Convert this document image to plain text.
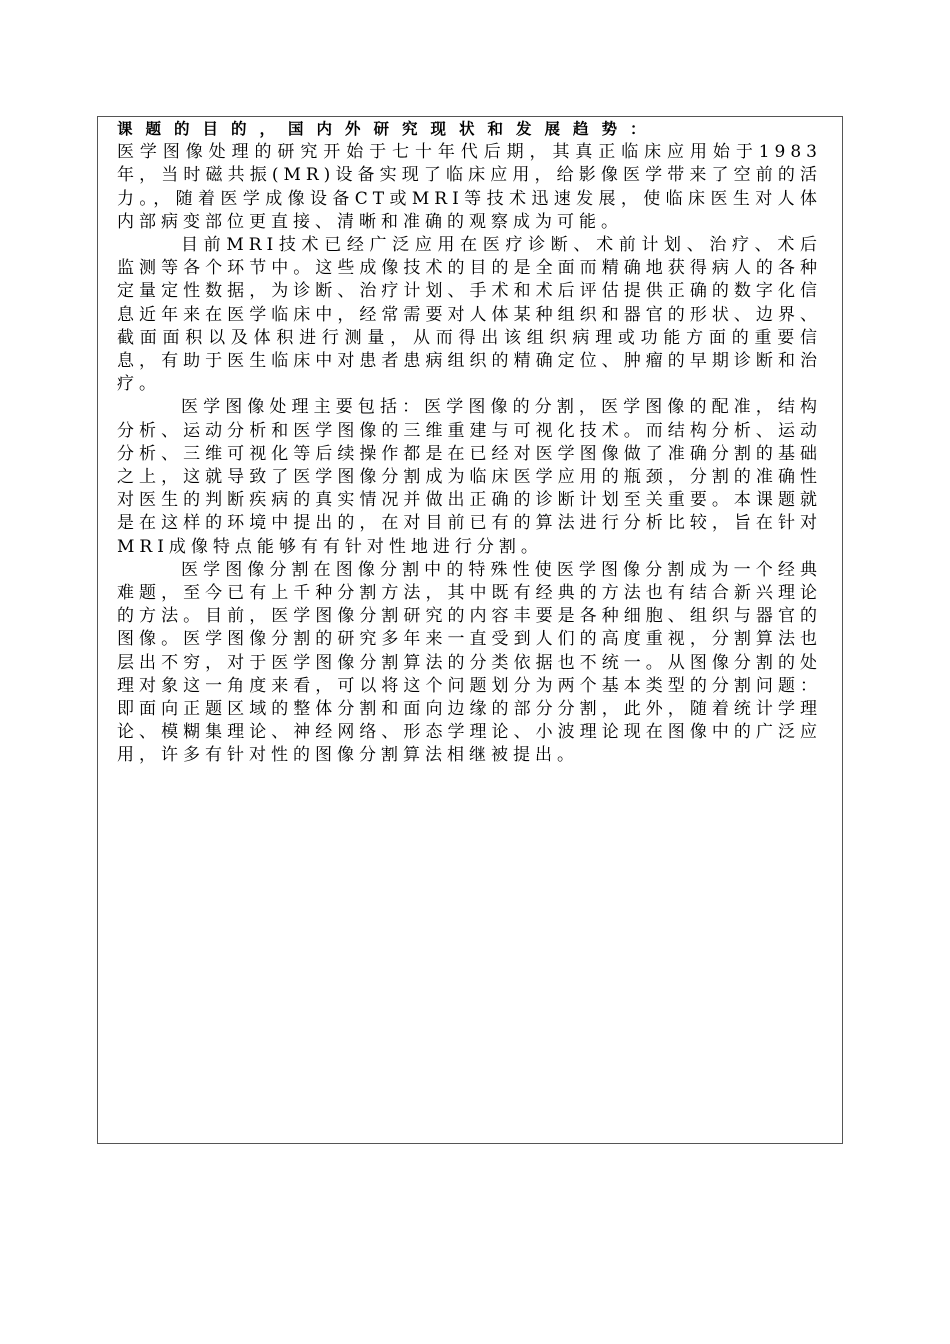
课题的目的，国内外研究现状和发展趋势：

医学图像处理的研究开始于七十年代后期，其真正临床应用始于1983年，当时磁共振(MR)设备实现了临床应用，给影像医学带来了空前的活力。，随着医学成像设备CT或MRI等技术迅速发展，使临床医生对人体内部病变部位更直接、清晰和准确的观察成为可能。

目前MRI技术已经广泛应用在医疗诊断、术前计划、治疗、术后监测等各个环节中。这些成像技术的目的是全面而精确地获得病人的各种定量定性数据，为诊断、治疗计划、手术和术后评估提供正确的数字化信息近年来在医学临床中，经常需要对人体某种组织和器官的形状、边界、截面面积以及体积进行测量，从而得出该组织病理或功能方面的重要信息，有助于医生临床中对患者患病组织的精确定位、肿瘤的早期诊断和治疗。

医学图像处理主要包括：医学图像的分割，医学图像的配准，结构分析、运动分析和医学图像的三维重建与可视化技术。而结构分析、运动分析、三维可视化等后续操作都是在已经对医学图像做了准确分割的基础之上，这就导致了医学图像分割成为临床医学应用的瓶颈，分割的准确性对医生的判断疾病的真实情况并做出正确的诊断计划至关重要。本课题就是在这样的环境中提出的，在对目前已有的算法进行分析比较，旨在针对MRI成像特点能够有有针对性地进行分割。

医学图像分割在图像分割中的特殊性使医学图像分割成为一个经典难题，至今已有上千种分割方法，其中既有经典的方法也有结合新兴理论的方法。目前，医学图像分割研究的内容丰要是各种细胞、组织与器官的图像。医学图像分割的研究多年来一直受到人们的高度重视，分割算法也层出不穷，对于医学图像分割算法的分类依据也不统一。从图像分割的处理对象这一角度来看，可以将这个问题划分为两个基本类型的分割问题：即面向正题区域的整体分割和面向边缘的部分分割，此外，随着统计学理论、模糊集理论、神经网络、形态学理论、小波理论现在图像中的广泛应用，许多有针对性的图像分割算法相继被提出。
